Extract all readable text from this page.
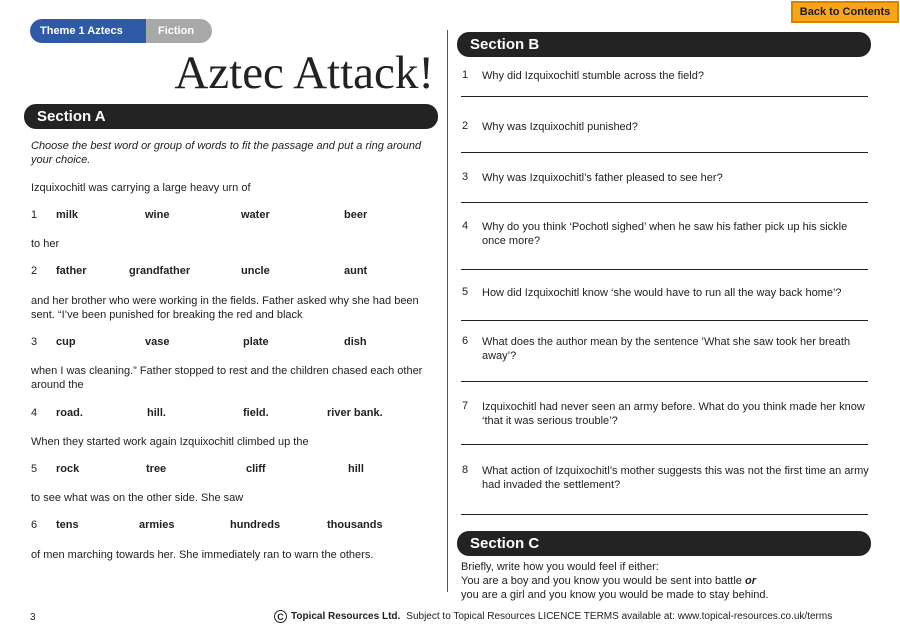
Theme 1 Aztecs	Fiction
Back to Contents
Aztec Attack!
Section A
Choose the best word or group of words to fit the passage and put a ring around your choice.
Izquixochitl was carrying a large heavy urn of
1 milk	wine	water	beer
to her
2 father	grandfather	uncle	aunt
and her brother who were working in the fields. Father asked why she had been sent. “I’ve been punished for breaking the red and black
3 cup	vase	plate	dish
when I was cleaning.” Father stopped to rest and the children chased each other around the
4 road.	hill.	field.	river bank.
When they started work again Izquixochitl climbed up the
5 rock	tree	cliff	hill
to see what was on the other side. She saw
6 tens	armies	hundreds	thousands
of men marching towards her. She immediately ran to warn the others.
Section B
1 Why did Izquixochitl stumble across the field?
2 Why was Izquixochitl punished?
3 Why was Izquixochitl’s father pleased to see her?
4 Why do you think ‘Pochotl sighed’ when he saw his father pick up his sickle once more?
5 How did Izquixochitl know ‘she would have to run all the way back home’?
6 What does the author mean by the sentence ’What she saw took her breath away’?
7 Izquixochitl had never seen an army before. What do you think made her know ‘that it was serious trouble’?
8 What action of Izquixochitl’s mother suggests this was not the first time an army had invaded the settlement?
Section C
Briefly, write how you would feel if either:
You are a boy and you know you would be sent into battle or
you are a girl and you know you would be made to stay behind.
3	C Topical Resources Ltd. Subject to Topical Resources LICENCE TERMS available at: www.topical-resources.co.uk/terms
